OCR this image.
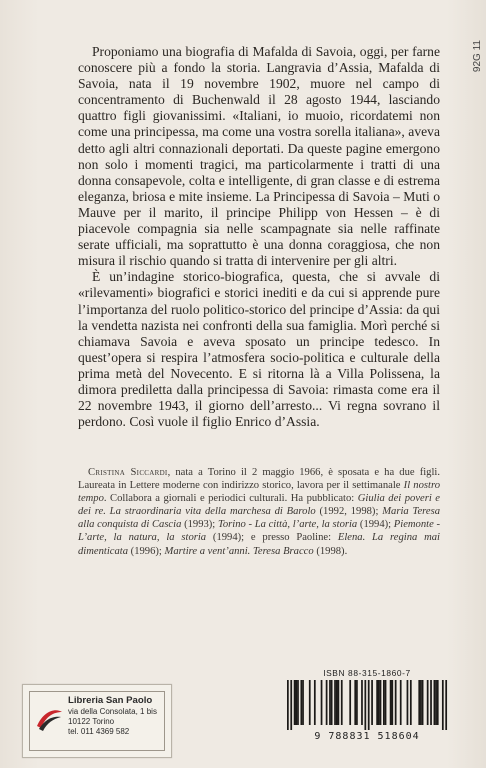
92G 11

Proponiamo una biografia di Mafalda di Savoia, oggi, per farne conoscere più a fondo la storia. Langravia d’Assia, Mafalda di Savoia, nata il 19 novembre 1902, muore nel campo di concentramento di Buchenwald il 28 agosto 1944, lasciando quattro figli giovanissimi. «Italiani, io muoio, ricordatemi non come una principessa, ma come una vostra sorella italiana», aveva detto agli altri connazionali deportati. Da queste pagine emergono non solo i momenti tragici, ma particolarmente i tratti di una donna consapevole, colta e intelligente, di gran classe e di estrema eleganza, briosa e mite insieme. La Principessa di Savoia – Muti o Mauve per il marito, il principe Philipp von Hessen – è di piacevole compagnia sia nelle scampagnate sia nelle raffinate serate ufficiali, ma soprattutto è una donna coraggiosa, che non misura il rischio quando si tratta di intervenire per gli altri.

È un’indagine storico-biografica, questa, che si avvale di «rilevamenti» biografici e storici inediti e da cui si apprende pure l’importanza del ruolo politico-storico del principe d’Assia: da qui la vendetta nazista nei confronti della sua famiglia. Morì perché si chiamava Savoia e aveva sposato un principe tedesco. In quest’opera si respira l’atmosfera socio-politica e culturale della prima metà del Novecento. E si ritorna là a Villa Polissena, la dimora prediletta dalla principessa di Savoia: rimasta come era il 22 novembre 1943, il giorno dell’arresto... Vi regna sovrano il perdono. Così vuole il figlio Enrico d’Assia.

Cristina Siccardi, nata a Torino il 2 maggio 1966, è sposata e ha due figli. Laureata in Lettere moderne con indirizzo storico, lavora per il settimanale Il nostro tempo. Collabora a giornali e periodici culturali. Ha pubblicato: Giulia dei poveri e dei re. La straordinaria vita della marchesa di Barolo (1992, 1998); Maria Teresa alla conquista di Cascia (1993); Torino - La città, l’arte, la storia (1994); Piemonte - L’arte, la natura, la storia (1994); e presso Paoline: Elena. La regina mai dimenticata (1996); Martire a vent’anni. Teresa Bracco (1998).

Libreria San Paolo
via della Consolata, 1 bis
10122 Torino
tel. 011 4369 582
ISBN 88-315-1860-7
9 788831 518604
